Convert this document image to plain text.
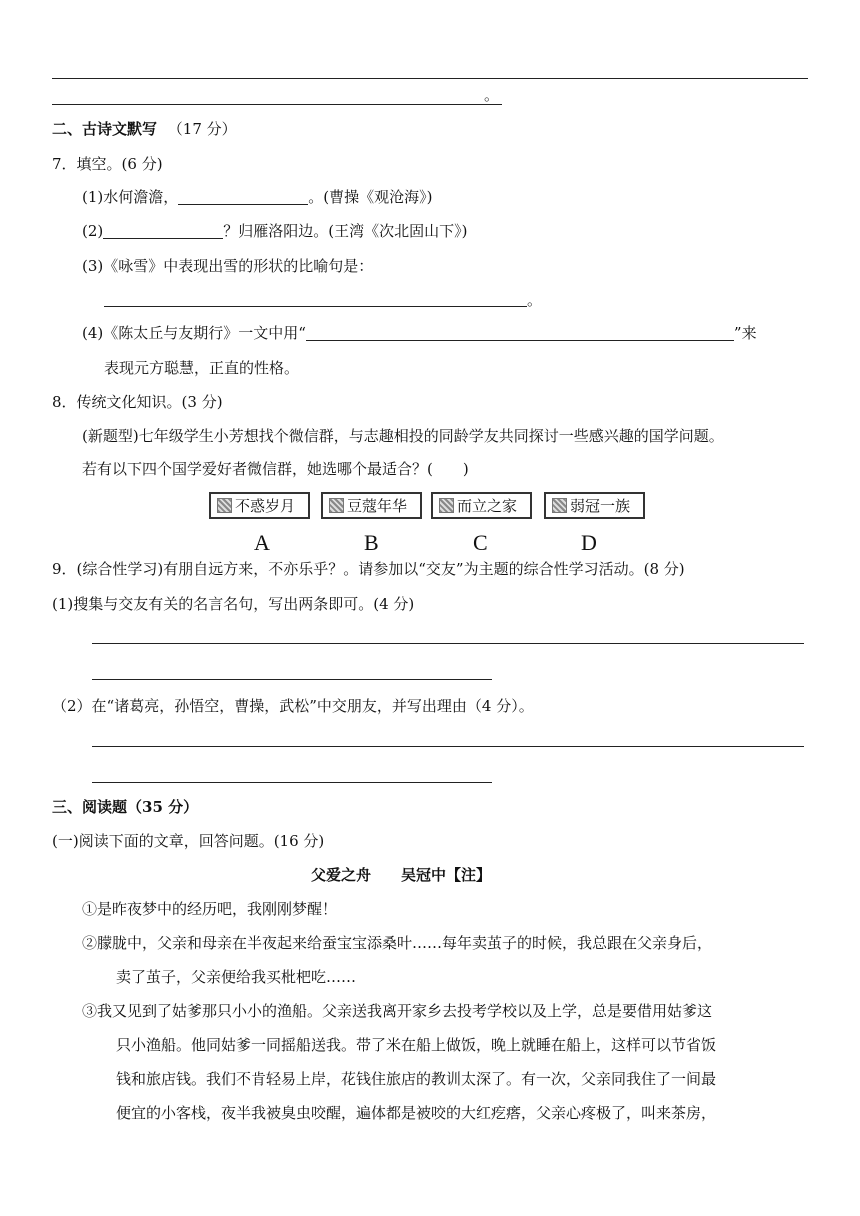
。
二、古诗文默写 （17 分）
7．填空。(6 分)
(1)水何澹澹，	。(曹操《观沧海》)
(2)	？归雁洛阳边。(王湾《次北固山下》)
(3)《咏雪》中表现出雪的形状的比喻句是：
。
(4)《陈太丘与友期行》一文中用“	”来
表现元方聪慧，正直的性格。
8．传统文化知识。(3 分)
(新题型)七年级学生小芳想找个微信群，与志趣相投的同龄学友共同探讨一些感兴趣的国学问题。
若有以下四个国学爱好者微信群，她选哪个最适合？(　　)
不惑岁月	豆蔻年华	而立之家	弱冠一族
A	B	C	D
9．(综合性学习)有朋自远方来，不亦乐乎？。请参加以“交友”为主题的综合性学习活动。(8 分)
(1)搜集与交友有关的名言名句，写出两条即可。(4 分)
（2）在“诸葛亮，孙悟空，曹操，武松”中交朋友，并写出理由（4 分）。
三、阅读题（35 分）
(一)阅读下面的文章，回答问题。(16 分)
父爱之舟　　吴冠中【注】
①是昨夜梦中的经历吧，我刚刚梦醒！
②朦胧中，父亲和母亲在半夜起来给蚕宝宝添桑叶……每年卖茧子的时候，我总跟在父亲身后，
卖了茧子，父亲便给我买枇杷吃……
③我又见到了姑爹那只小小的渔船。父亲送我离开家乡去投考学校以及上学，总是要借用姑爹这
只小渔船。他同姑爹一同摇船送我。带了米在船上做饭，晚上就睡在船上，这样可以节省饭
钱和旅店钱。我们不肯轻易上岸，花钱住旅店的教训太深了。有一次，父亲同我住了一间最
便宜的小客栈，夜半我被臭虫咬醒，遍体都是被咬的大红疙瘩，父亲心疼极了，叫来茶房，
